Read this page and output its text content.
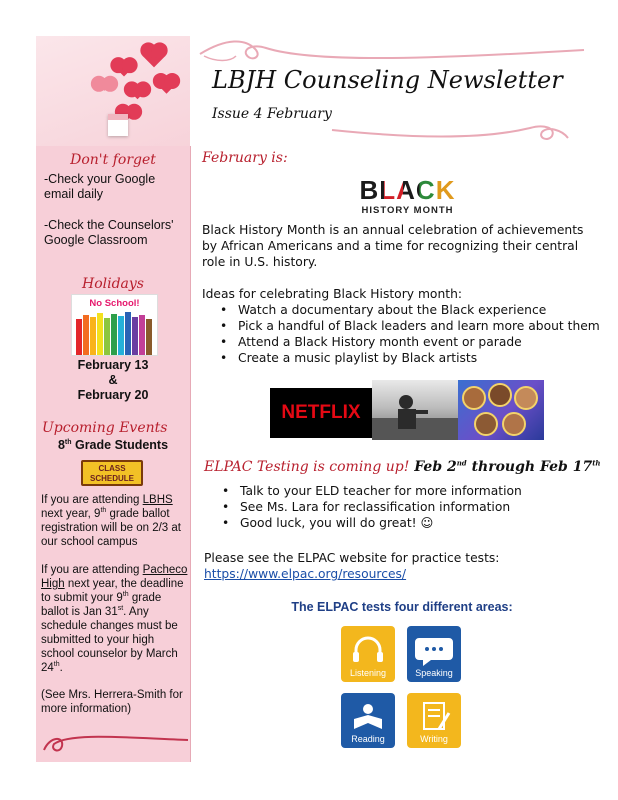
LBJH Counseling Newsletter
Issue 4 February
Don't forget
-Check your Google email daily
-Check the Counselors' Google Classroom
Holidays
No School!
February 13
&
February 20
Upcoming Events
8th Grade Students
CLASS
SCHEDULE
If you are attending LBHS next year, 9th grade ballot registration will be on 2/3 at our school campus
If you are attending Pacheco High next year, the deadline to submit your 9th grade ballot is Jan 31st. Any schedule changes must be submitted to your high school counselor by March 24th.
(See Mrs. Herrera-Smith for more information)
February is:
BLACK
HISTORY MONTH
Black History Month is an annual celebration of achievements by African Americans and a time for recognizing their central role in U.S. history.
Ideas for celebrating Black History month:
• Watch a documentary about the Black experience
• Pick a handful of Black leaders and learn more about them
• Attend a Black History month event or parade
• Create a music playlist by Black artists
NETFLIX
ELPAC Testing is coming up! Feb 2nd through Feb 17th
• Talk to your ELD teacher for more information
• See Ms. Lara for reclassification information
• Good luck, you will do great! ☺
Please see the ELPAC website for practice tests:
https://www.elpac.org/resources/
The ELPAC tests four different areas:
Listening	Speaking
Reading	Writing
